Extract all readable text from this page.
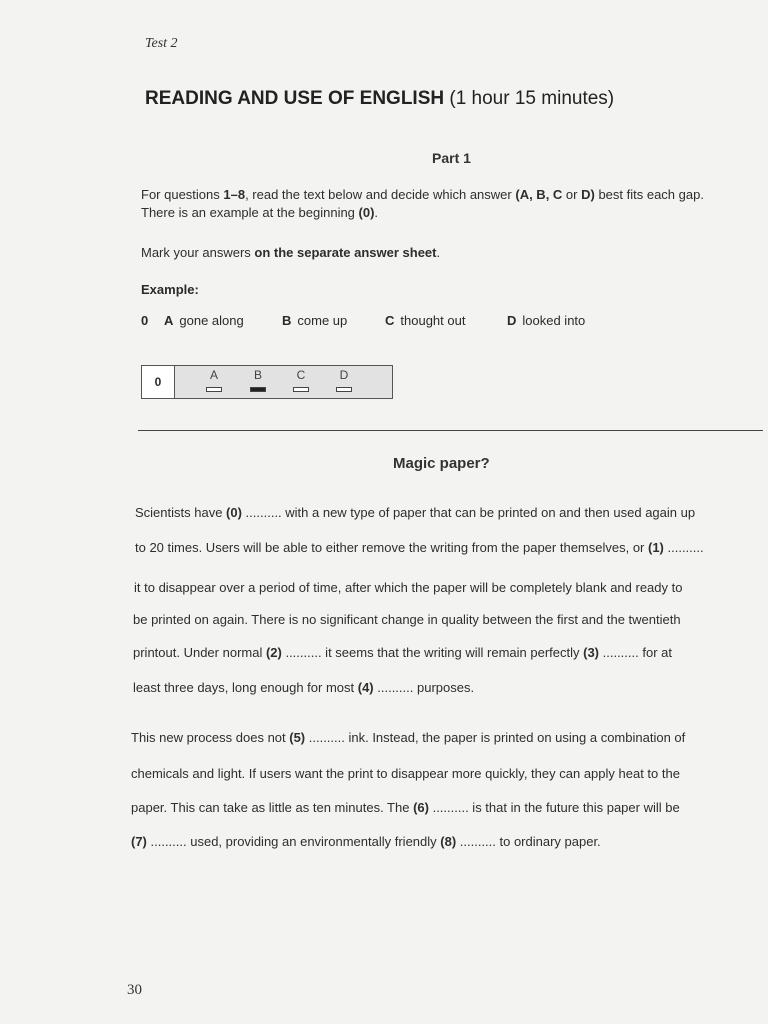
Test 2
READING AND USE OF ENGLISH (1 hour 15 minutes)
Part 1
For questions 1–8, read the text below and decide which answer (A, B, C or D) best fits each gap.
There is an example at the beginning (0).
Mark your answers on the separate answer sheet.
Example:
0	A gone along	B come up	C thought out	D looked into
0	A	B	C	D
Magic paper?
Scientists have (0) .......... with a new type of paper that can be printed on and then used again up
to 20 times. Users will be able to either remove the writing from the paper themselves, or (1) ..........
it to disappear over a period of time, after which the paper will be completely blank and ready to
be printed on again. There is no significant change in quality between the first and the twentieth
printout. Under normal (2) .......... it seems that the writing will remain perfectly (3) .......... for at
least three days, long enough for most (4) .......... purposes.
This new process does not (5) .......... ink. Instead, the paper is printed on using a combination of
chemicals and light. If users want the print to disappear more quickly, they can apply heat to the
paper. This can take as little as ten minutes. The (6) .......... is that in the future this paper will be
(7) .......... used, providing an environmentally friendly (8) .......... to ordinary paper.
30
